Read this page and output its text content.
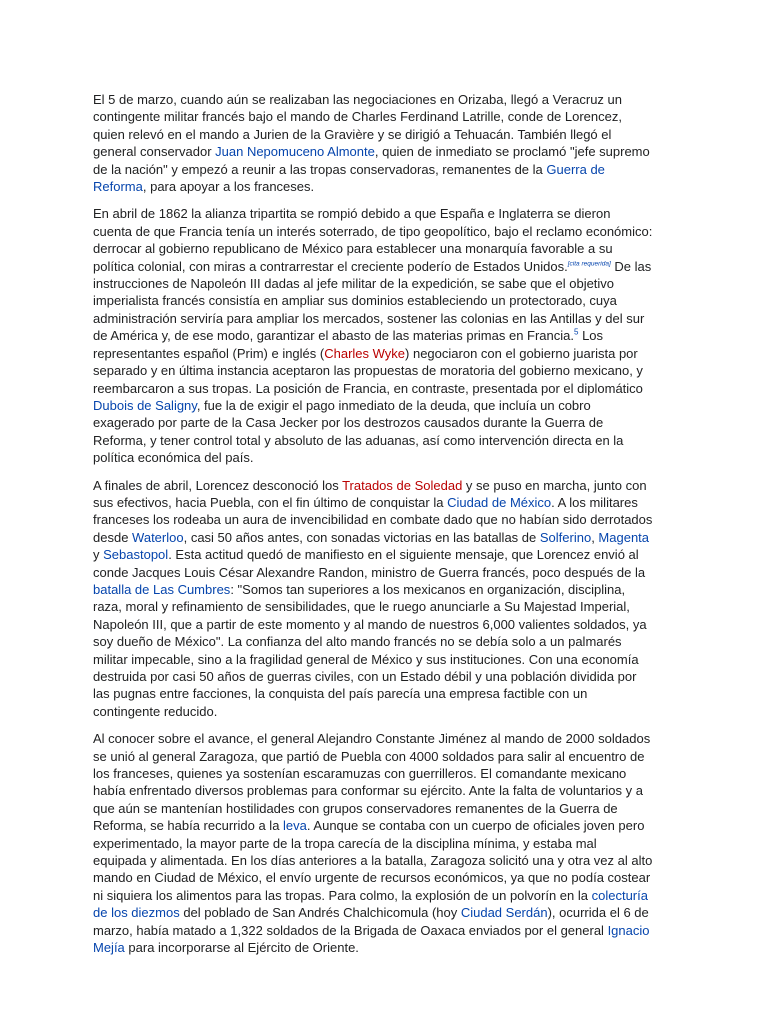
El 5 de marzo, cuando aún se realizaban las negociaciones en Orizaba, llegó a Veracruz un contingente militar francés bajo el mando de Charles Ferdinand Latrille, conde de Lorencez, quien relevó en el mando a Jurien de la Gravière y se dirigió a Tehuacán. También llegó el general conservador Juan Nepomuceno Almonte, quien de inmediato se proclamó "jefe supremo de la nación" y empezó a reunir a las tropas conservadoras, remanentes de la Guerra de Reforma, para apoyar a los franceses.

En abril de 1862 la alianza tripartita se rompió debido a que España e Inglaterra se dieron cuenta de que Francia tenía un interés soterrado, de tipo geopolítico, bajo el reclamo económico: derrocar al gobierno republicano de México para establecer una monarquía favorable a su política colonial, con miras a contrarrestar el creciente poderío de Estados Unidos.[cita requerida] De las instrucciones de Napoleón III dadas al jefe militar de la expedición, se sabe que el objetivo imperialista francés consistía en ampliar sus dominios estableciendo un protectorado, cuya administración serviría para ampliar los mercados, sostener las colonias en las Antillas y del sur de América y, de ese modo, garantizar el abasto de las materias primas en Francia.$^5$ Los representantes español (Prim) e inglés (Charles Wyke) negociaron con el gobierno juarista por separado y en última instancia aceptaron las propuestas de moratoria del gobierno mexicano, y reembarcaron a sus tropas. La posición de Francia, en contraste, presentada por el diplomático Dubois de Saligny, fue la de exigir el pago inmediato de la deuda, que incluía un cobro exagerado por parte de la Casa Jecker por los destrozos causados durante la Guerra de Reforma, y tener control total y absoluto de las aduanas, así como intervención directa en la política económica del país.

A finales de abril, Lorencez desconoció los Tratados de Soledad y se puso en marcha, junto con sus efectivos, hacia Puebla, con el fin último de conquistar la Ciudad de México. A los militares franceses los rodeaba un aura de invencibilidad en combate dado que no habían sido derrotados desde Waterloo, casi 50 años antes, con sonadas victorias en las batallas de Solferino, Magenta y Sebastopol. Esta actitud quedó de manifiesto en el siguiente mensaje, que Lorencez envió al conde Jacques Louis César Alexandre Randon, ministro de Guerra francés, poco después de la batalla de Las Cumbres: "Somos tan superiores a los mexicanos en organización, disciplina, raza, moral y refinamiento de sensibilidades, que le ruego anunciarle a Su Majestad Imperial, Napoleón III, que a partir de este momento y al mando de nuestros 6,000 valientes soldados, ya soy dueño de México". La confianza del alto mando francés no se debía solo a un palmarés militar impecable, sino a la fragilidad general de México y sus instituciones. Con una economía destruida por casi 50 años de guerras civiles, con un Estado débil y una población dividida por las pugnas entre facciones, la conquista del país parecía una empresa factible con un contingente reducido.

Al conocer sobre el avance, el general Alejandro Constante Jiménez al mando de 2000 soldados se unió al general Zaragoza, que partió de Puebla con 4000 soldados para salir al encuentro de los franceses, quienes ya sostenían escaramuzas con guerrilleros. El comandante mexicano había enfrentado diversos problemas para conformar su ejército. Ante la falta de voluntarios y a que aún se mantenían hostilidades con grupos conservadores remanentes de la Guerra de Reforma, se había recurrido a la leva. Aunque se contaba con un cuerpo de oficiales joven pero experimentado, la mayor parte de la tropa carecía de la disciplina mínima, y estaba mal equipada y alimentada. En los días anteriores a la batalla, Zaragoza solicitó una y otra vez al alto mando en Ciudad de México, el envío urgente de recursos económicos, ya que no podía costear ni siquiera los alimentos para las tropas. Para colmo, la explosión de un polvorín en la colecturía de los diezmos del poblado de San Andrés Chalchicomula (hoy Ciudad Serdán), ocurrida el 6 de marzo, había matado a 1,322 soldados de la Brigada de Oaxaca enviados por el general Ignacio Mejía para incorporarse al Ejército de Oriente.
